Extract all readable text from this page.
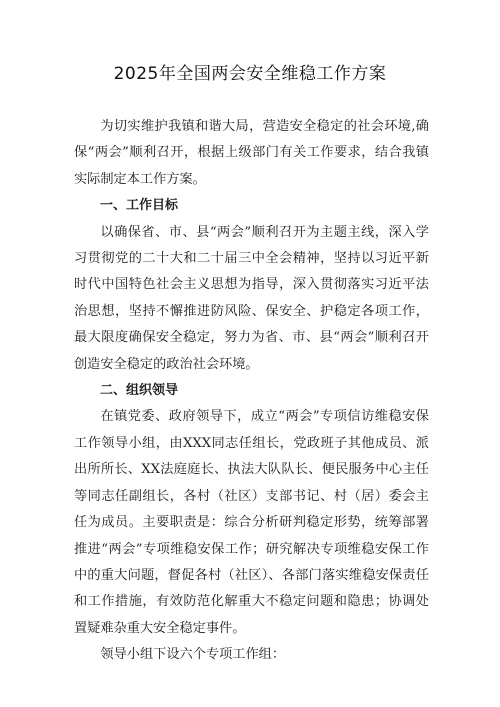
2025年全国两会安全维稳工作方案

为切实维护我镇和谐大局，营造安全稳定的社会环境,确保“两会”顺利召开，根据上级部门有关工作要求，结合我镇实际制定本工作方案。

一、工作目标

以确保省、市、县“两会”顺利召开为主题主线，深入学习贯彻党的二十大和二十届三中全会精神，坚持以习近平新时代中国特色社会主义思想为指导，深入贯彻落实习近平法治思想，坚持不懈推进防风险、保安全、护稳定各项工作，最大限度确保安全稳定，努力为省、市、县“两会”顺利召开创造安全稳定的政治社会环境。

二、组织领导

在镇党委、政府领导下，成立“两会”专项信访维稳安保工作领导小组，由XXX同志任组长，党政班子其他成员、派出所所长、XX法庭庭长、执法大队队长、便民服务中心主任等同志任副组长，各村（社区）支部书记、村（居）委会主任为成员。主要职责是：综合分析研判稳定形势，统筹部署推进“两会”专项维稳安保工作；研究解决专项维稳安保工作中的重大问题，督促各村（社区）、各部门落实维稳安保责任和工作措施，有效防范化解重大不稳定问题和隐患；协调处置疑难杂重大安全稳定事件。

领导小组下设六个专项工作组：
